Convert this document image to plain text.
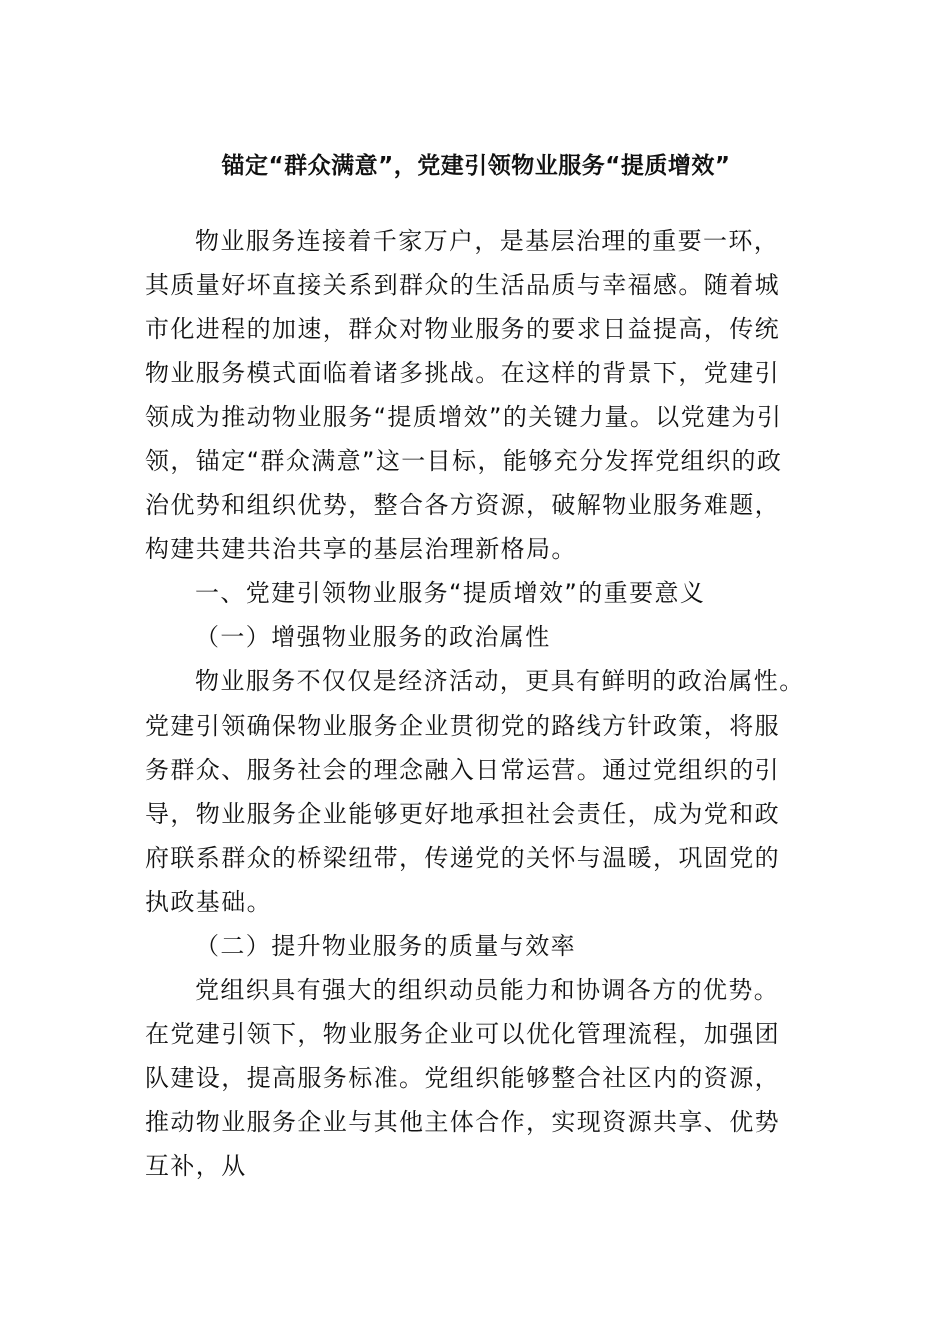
锚定“群众满意”，党建引领物业服务“提质增效”
物业服务连接着千家万户，是基层治理的重要一环，
其质量好坏直接关系到群众的生活品质与幸福感。随着城
市化进程的加速，群众对物业服务的要求日益提高，传统
物业服务模式面临着诸多挑战。在这样的背景下，党建引
领成为推动物业服务“提质增效”的关键力量。以党建为引
领，锚定“群众满意”这一目标，能够充分发挥党组织的政
治优势和组织优势，整合各方资源，破解物业服务难题，
构建共建共治共享的基层治理新格局。
一、党建引领物业服务“提质增效”的重要意义
（一）增强物业服务的政治属性
物业服务不仅仅是经济活动，更具有鲜明的政治属性。
党建引领确保物业服务企业贯彻党的路线方针政策，将服
务群众、服务社会的理念融入日常运营。通过党组织的引
导，物业服务企业能够更好地承担社会责任，成为党和政
府联系群众的桥梁纽带，传递党的关怀与温暖，巩固党的
执政基础。
（二）提升物业服务的质量与效率
党组织具有强大的组织动员能力和协调各方的优势。
在党建引领下，物业服务企业可以优化管理流程，加强团
队建设，提高服务标准。党组织能够整合社区内的资源，
推动物业服务企业与其他主体合作，实现资源共享、优势
互补，从
